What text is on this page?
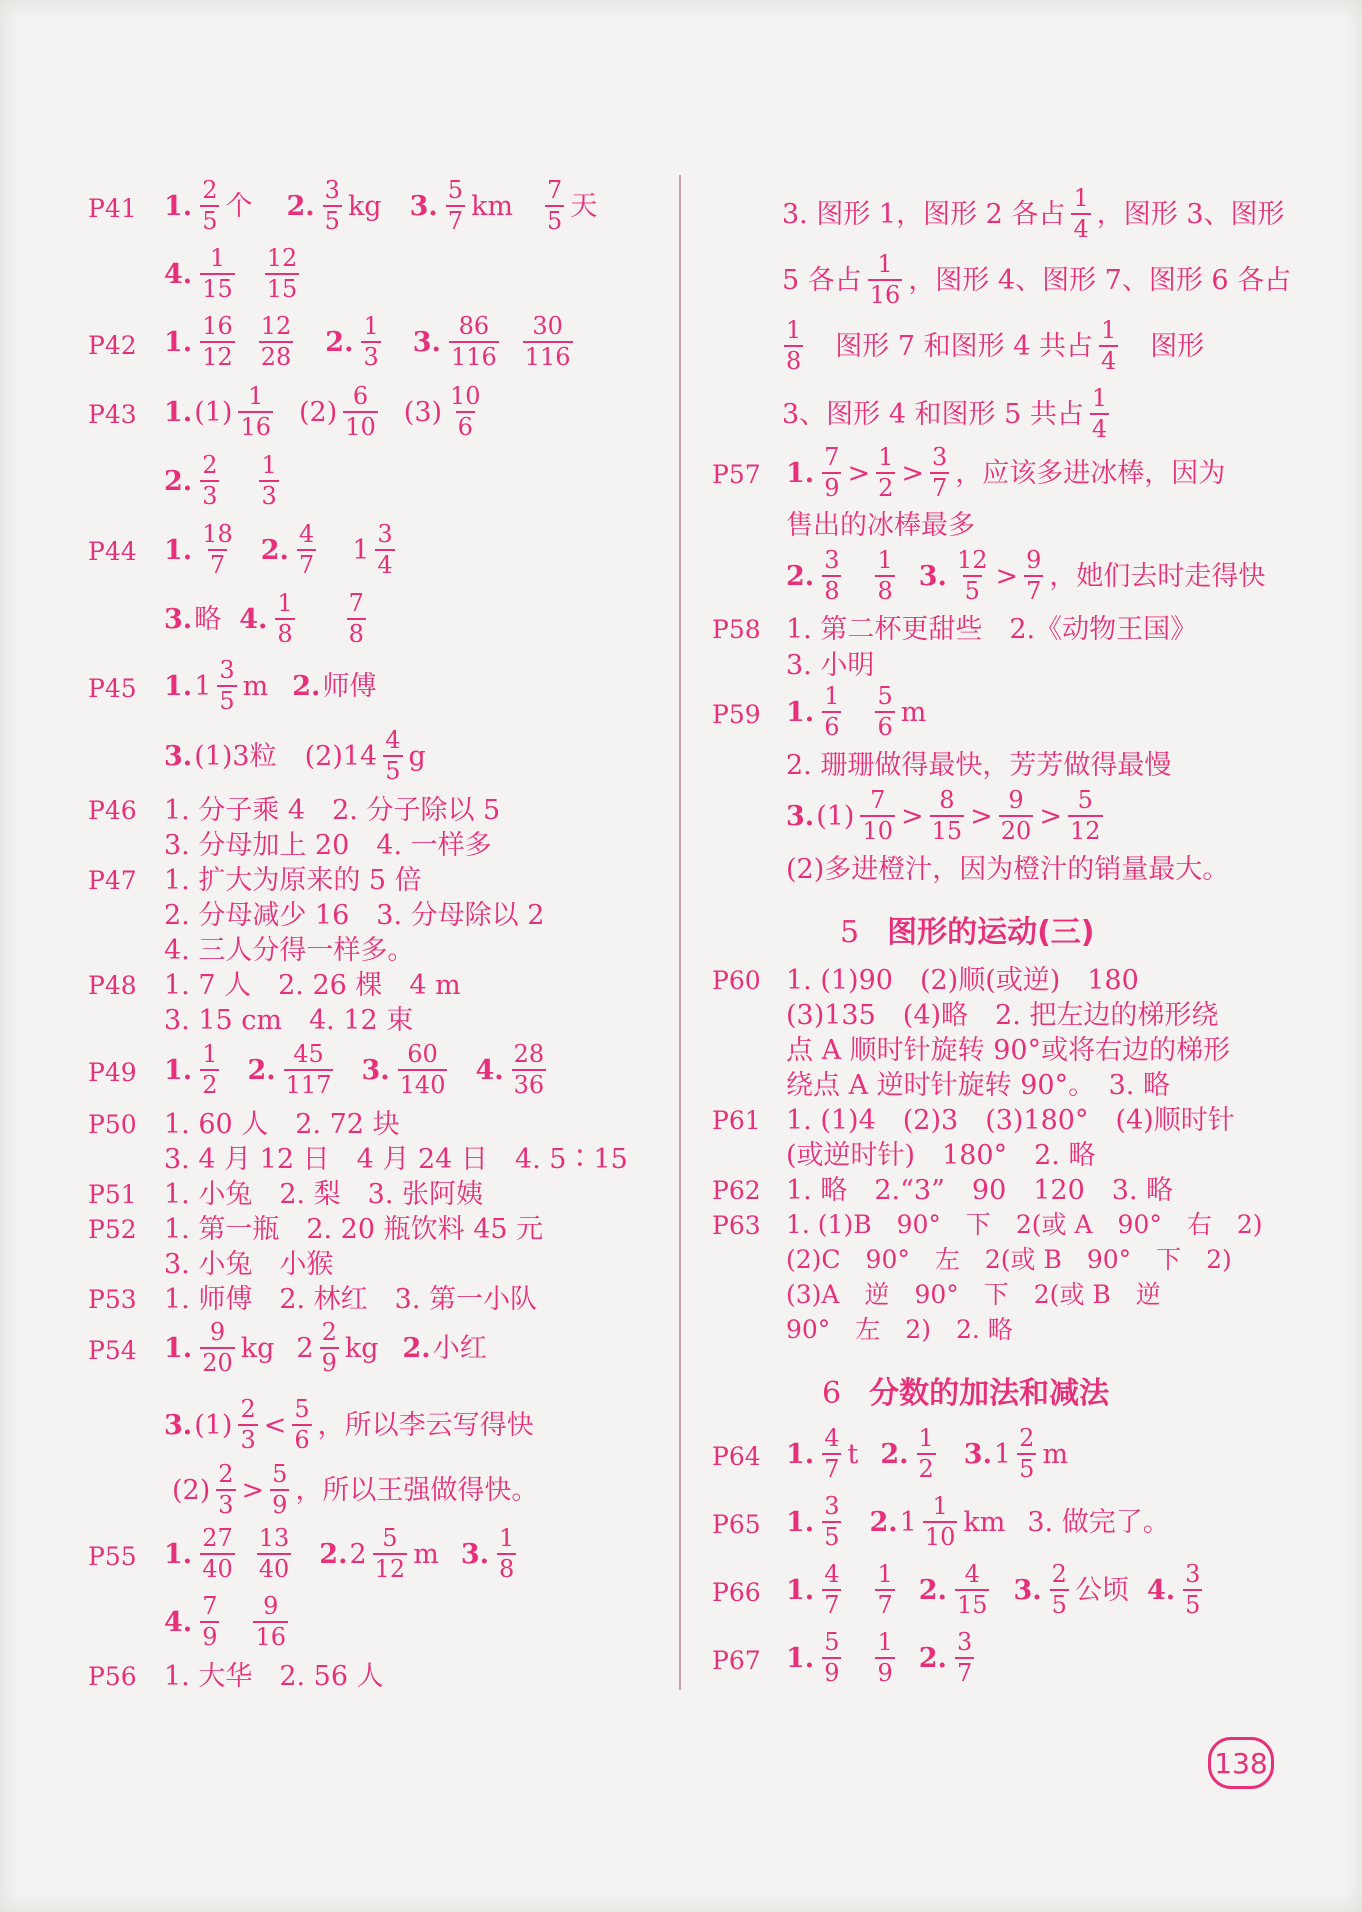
P41 1. $\frac{2}{5}$ 个 2. $\frac{3}{5}$ kg 3. $\frac{5}{7}$ km $\frac{7}{5}$ 天
4. $\frac{1}{15} \frac{12}{15}$
P42 1. $\frac{16}{12} \frac{12}{28} 2$. $\frac{1}{3} 3$. $\frac{86}{116} \frac{30}{116}$
P43 1. $(1) \frac{1}{16} (2) \frac{6}{10} (3) \frac{10}{6}$
2. $\frac{2}{3} \frac{1}{3}$
P44 1. $\frac{18}{7} 2$. $\frac{4}{7} 1 \frac{3}{4}$
3. 略 4. $\frac{1}{8} \frac{7}{8}$
P45 1. $1 \frac{3}{5}$ m 2. 师傅
3. (1)3 粒 $(2)14 \frac{4}{5}$ g
P46 1. 分子乘 4　2. 分子除以 5
3. 分母加上 20　4. 一样多
P47 1. 扩大为原来的 5 倍
2. 分母减少 16　3. 分母除以 2
4. 三人分得一样多。
P48 1. 7 人　2. 26 棵　4 m
3. 15 cm　4. 12 束
P49 1. $\frac{1}{2} 2$. $\frac{45}{117} 3$. $\frac{60}{140} 4$. $\frac{28}{36}$
P50 1. 60 人　2. 72 块
3. 4 月 12 日　4 月 24 日　4. 5∶15
P51 1. 小兔　2. 梨　3. 张阿姨
P52 1. 第一瓶　2. 20 瓶饮料 45 元
3. 小兔　小猴
P53 1. 师傅　2. 林红　3. 第一小队
P54 1. $\frac{9}{20}$ kg $2 \frac{2}{9}$ kg 2. 小红
3. $(1) \frac{2}{3} < \frac{5}{6}$ ，所以李云写得快
$(2) \frac{2}{3} > \frac{5}{9}$ ，所以王强做得快。
P55 1. $\frac{27}{40} \frac{13}{40} 2$. $2 \frac{5}{12}$ m 3. $\frac{1}{8}$
4. $\frac{7}{9} \frac{9}{16}$
P56 1. 大华　2. 56 人
3. 图形 1，图形 2 各占 $\frac{1}{4}$ ，图形 3、图形
5 各占 $\frac{1}{16}$ ，图形 4、图形 7、图形 6 各占
$\frac{1}{8}$ 图形 7 和图形 4 共占 $\frac{1}{4}$ 图形
3、图形 4 和图形 5 共占 $\frac{1}{4}$
P57 1. $\frac{7}{9} > \frac{1}{2} > \frac{3}{7}$ ，应该多进冰棒，因为
售出的冰棒最多
2. $\frac{3}{8} \frac{1}{8} 3$. $\frac{12}{5} > \frac{9}{7}$ ，她们去时走得快
P58 1. 第二杯更甜些　2.《动物王国》
3. 小明
P59 1. $\frac{1}{6} \frac{5}{6}$ m
2. 珊珊做得最快，芳芳做得最慢
3. $(1) \frac{7}{10} > \frac{8}{15} > \frac{9}{20} > \frac{5}{12}$
(2)多进橙汁，因为橙汁的销量最大。
5 图形的运动(三)
P60 1. (1)90　(2)顺(或逆)　180
(3)135　(4)略　2. 把左边的梯形绕
点 A 顺时针旋转 90°或将右边的梯形
绕点 A 逆时针旋转 90°。　3. 略
P61 1. (1)4　(2)3　(3)180°　(4)顺时针
(或逆时针)　180°　2. 略
P62 1. 略　2.“3”　90　120　3. 略
P63 1. (1)B　90°　下　2(或 A　90°　右　2)
(2)C　90°　左　2(或 B　90°　下　2)
(3)A　逆　90°　下　2(或 B　逆
90°　左　2)　2. 略
6 分数的加法和减法
P64 1. $\frac{4}{7}$ t 2. $\frac{1}{2} 3$. $1 \frac{2}{5}$ m
P65 1. $\frac{3}{5} 2$. $1 \frac{1}{10}$ km 3. 做完了。
P66 1. $\frac{4}{7} \frac{1}{7} 2$. $\frac{4}{15} 3$. $\frac{2}{5}$ 公顷 4. $\frac{3}{5}$
P67 1. $\frac{5}{9} \frac{1}{9} 2$. $\frac{3}{7}$
138
